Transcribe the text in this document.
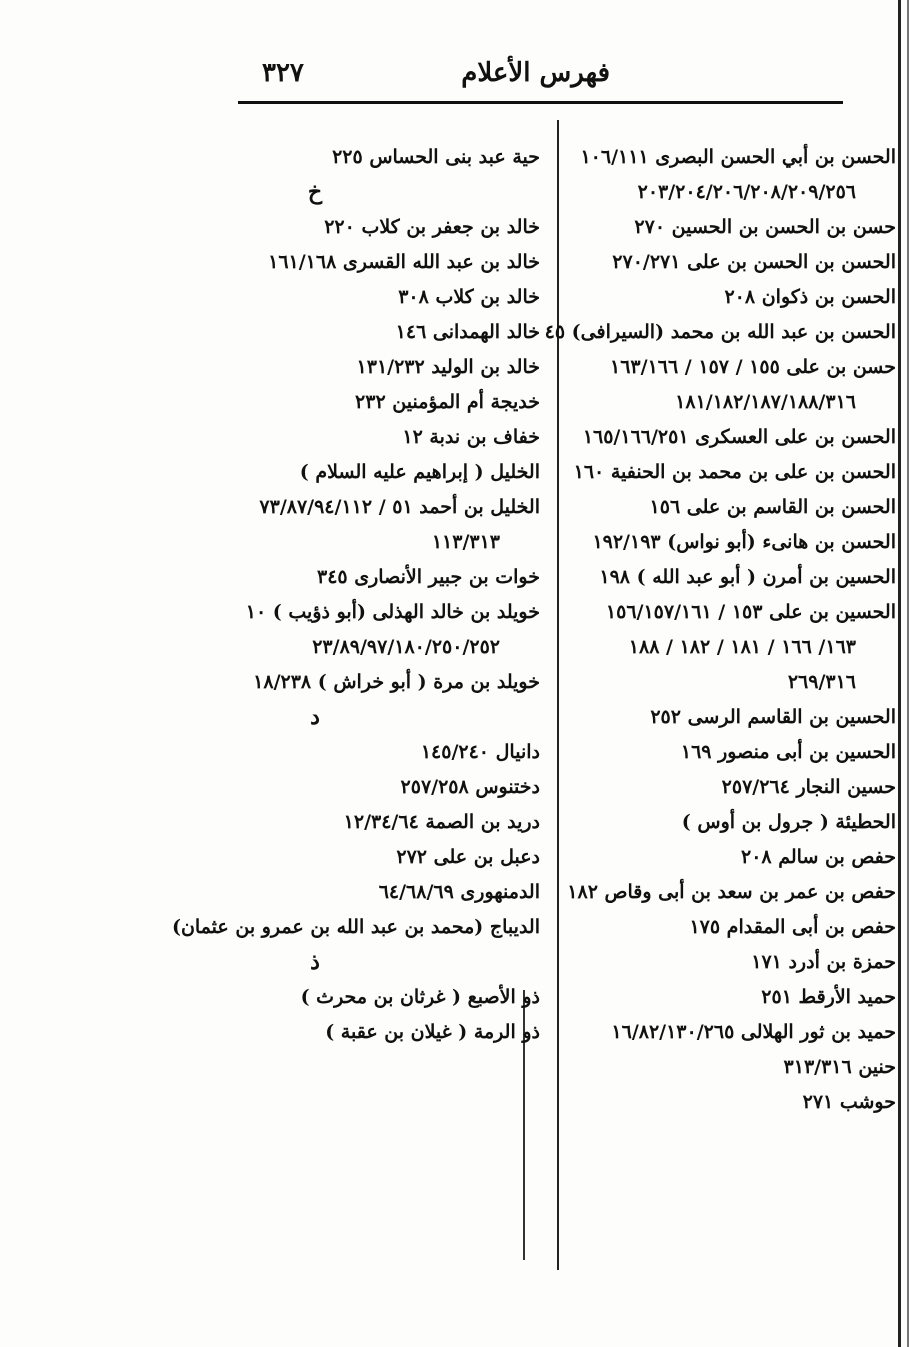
فهرس الأعلام
٣٢٧
الحسن بن أبي الحسن البصرى ١٠٦/١١١
٢٠٣/٢٠٤/٢٠٦/٢٠٨/٢٠٩/٢٥٦
حسن بن الحسن بن الحسين ٢٧٠
الحسن بن الحسن بن على ٢٧٠/٢٧١
الحسن بن ذكوان ٢٠٨
الحسن بن عبد الله بن محمد (السيرافى) ٤٥
حسن بن على ١٥٥ / ١٥٧ / ١٦٣/١٦٦
١٨١/١٨٢/١٨٧/١٨٨/٣١٦
الحسن بن على العسكرى ١٦٥/١٦٦/٢٥١
الحسن بن على بن محمد بن الحنفية ١٦٠
الحسن بن القاسم بن على ١٥٦
الحسن بن هانىء (أبو نواس) ١٩٢/١٩٣
الحسين بن أمرن ( أبو عبد الله ) ١٩٨
الحسين بن على ١٥٣ / ١٥٦/١٥٧/١٦١
١٦٣/ ١٦٦ / ١٨١ / ١٨٢ / ١٨٨
٢٦٩/٣١٦
الحسين بن القاسم الرسى ٢٥٢
الحسين بن أبى منصور ١٦٩
حسين النجار ٢٥٧/٢٦٤
الحطيئة ( جرول بن أوس )
حفص بن سالم ٢٠٨
حفص بن عمر بن سعد بن أبى وقاص ١٨٢
حفص بن أبى المقدام ١٧٥
حمزة بن أدرد ١٧١
حميد الأرقط ٢٥١
حميد بن ثور الهلالى ١٦/٨٢/١٣٠/٢٦٥
حنين ٣١٣/٣١٦
حوشب ٢٧١
حية عبد بنى الحساس ٢٢٥
خ
خالد بن جعفر بن كلاب ٢٢٠
خالد بن عبد الله القسرى ١٦١/١٦٨
خالد بن كلاب ٣٠٨
خالد الهمدانى ١٤٦
خالد بن الوليد ١٣١/٢٣٢
خديجة أم المؤمنين ٢٣٢
خفاف بن ندبة ١٢
الخليل ( إبراهيم عليه السلام )
الخليل بن أحمد ٥١ / ٧٣/٨٧/٩٤/١١٢
١١٣/٣١٣
خوات بن جبير الأنصارى ٣٤٥
خويلد بن خالد الهذلى (أبو ذؤيب ) ١٠
٢٣/٨٩/٩٧/١٨٠/٢٥٠/٢٥٢
خويلد بن مرة ( أبو خراش ) ١٨/٢٣٨
د
دانيال ١٤٥/٢٤٠
دختنوس ٢٥٧/٢٥٨
دريد بن الصمة ١٢/٣٤/٦٤
دعبل بن على ٢٧٢
الدمنهورى ٦٤/٦٨/٦٩
الديباج (محمد بن عبد الله بن عمرو بن عثمان)
ذ
ذو الأصبع ( غرثان بن محرث )
ذو الرمة ( غيلان بن عقبة )
